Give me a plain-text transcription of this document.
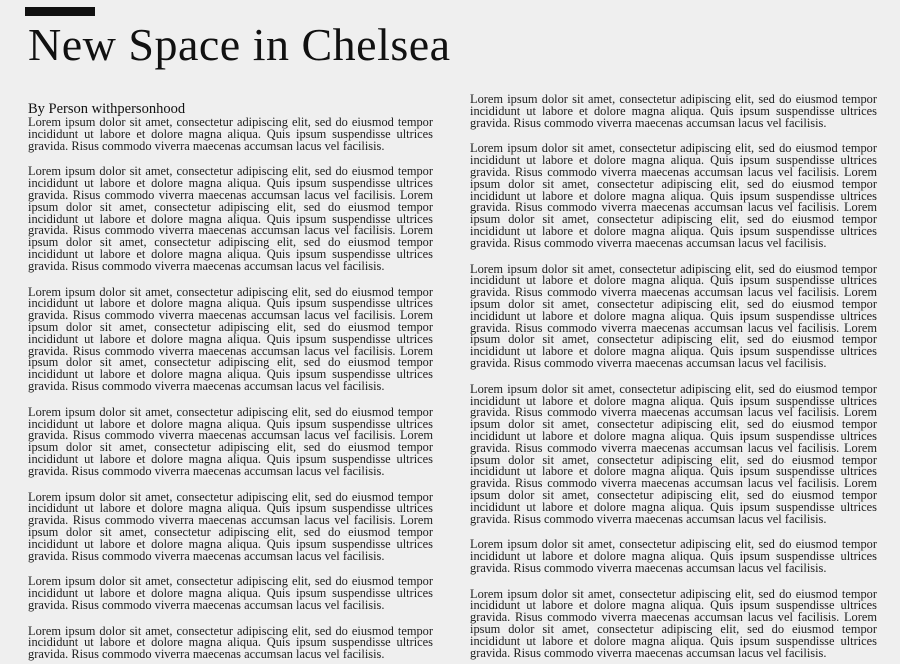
New Space in Chelsea

By Person withpersonhood

Lorem ipsum dolor sit amet, consectetur adipiscing elit, sed do eiusmod tempor incididunt ut labore et dolore magna aliqua. Quis ipsum suspendisse ultrices gravida. Risus commodo viverra maecenas accumsan lacus vel facilisis.

Lorem ipsum dolor sit amet, consectetur adipiscing elit, sed do eiusmod tempor incididunt ut labore et dolore magna aliqua. Quis ipsum suspendisse ultrices gravida. Risus commodo viverra maecenas accumsan lacus vel facilisis. Lorem ipsum dolor sit amet, consectetur adipiscing elit, sed do eiusmod tempor incididunt ut labore et dolore magna aliqua. Quis ipsum suspendisse ultrices gravida. Risus commodo viverra maecenas accumsan lacus vel facilisis. Lorem ipsum dolor sit amet, consectetur adipiscing elit, sed do eiusmod tempor incididunt ut labore et dolore magna aliqua. Quis ipsum suspendisse ultrices gravida. Risus commodo viverra maecenas accumsan lacus vel facilisis.

Lorem ipsum dolor sit amet, consectetur adipiscing elit, sed do eiusmod tempor incididunt ut labore et dolore magna aliqua. Quis ipsum suspendisse ultrices gravida. Risus commodo viverra maecenas accumsan lacus vel facilisis. Lorem ipsum dolor sit amet, consectetur adipiscing elit, sed do eiusmod tempor incididunt ut labore et dolore magna aliqua. Quis ipsum suspendisse ultrices gravida. Risus commodo viverra maecenas accumsan lacus vel facilisis. Lorem ipsum dolor sit amet, consectetur adipiscing elit, sed do eiusmod tempor incididunt ut labore et dolore magna aliqua. Quis ipsum suspendisse ultrices gravida. Risus commodo viverra maecenas accumsan lacus vel facilisis.

Lorem ipsum dolor sit amet, consectetur adipiscing elit, sed do eiusmod tempor incididunt ut labore et dolore magna aliqua. Quis ipsum suspendisse ultrices gravida. Risus commodo viverra maecenas accumsan lacus vel facilisis. Lorem ipsum dolor sit amet, consectetur adipiscing elit, sed do eiusmod tempor incididunt ut labore et dolore magna aliqua. Quis ipsum suspendisse ultrices gravida. Risus commodo viverra maecenas accumsan lacus vel facilisis.

Lorem ipsum dolor sit amet, consectetur adipiscing elit, sed do eiusmod tempor incididunt ut labore et dolore magna aliqua. Quis ipsum suspendisse ultrices gravida. Risus commodo viverra maecenas accumsan lacus vel facilisis. Lorem ipsum dolor sit amet, consectetur adipiscing elit, sed do eiusmod tempor incididunt ut labore et dolore magna aliqua. Quis ipsum suspendisse ultrices gravida. Risus commodo viverra maecenas accumsan lacus vel facilisis.

Lorem ipsum dolor sit amet, consectetur adipiscing elit, sed do eiusmod tempor incididunt ut labore et dolore magna aliqua. Quis ipsum suspendisse ultrices gravida. Risus commodo viverra maecenas accumsan lacus vel facilisis.

Lorem ipsum dolor sit amet, consectetur adipiscing elit, sed do eiusmod tempor incididunt ut labore et dolore magna aliqua. Quis ipsum suspendisse ultrices gravida. Risus commodo viverra maecenas accumsan lacus vel facilisis.

Lorem ipsum dolor sit amet, consectetur adipiscing elit, sed do eiusmod tempor incididunt ut labore et dolore magna aliqua. Quis ipsum suspendisse ultrices gravida. Risus commodo viverra maecenas accumsan lacus vel facilisis.

Lorem ipsum dolor sit amet, consectetur adipiscing elit, sed do eiusmod tempor incididunt ut labore et dolore magna aliqua. Quis ipsum suspendisse ultrices gravida. Risus commodo viverra maecenas accumsan lacus vel facilisis. Lorem ipsum dolor sit amet, consectetur adipiscing elit, sed do eiusmod tempor incididunt ut labore et dolore magna aliqua. Quis ipsum suspendisse ultrices gravida. Risus commodo viverra maecenas accumsan lacus vel facilisis. Lorem ipsum dolor sit amet, consectetur adipiscing elit, sed do eiusmod tempor incididunt ut labore et dolore magna aliqua. Quis ipsum suspendisse ultrices gravida. Risus commodo viverra maecenas accumsan lacus vel facilisis.

Lorem ipsum dolor sit amet, consectetur adipiscing elit, sed do eiusmod tempor incididunt ut labore et dolore magna aliqua. Quis ipsum suspendisse ultrices gravida. Risus commodo viverra maecenas accumsan lacus vel facilisis. Lorem ipsum dolor sit amet, consectetur adipiscing elit, sed do eiusmod tempor incididunt ut labore et dolore magna aliqua. Quis ipsum suspendisse ultrices gravida. Risus commodo viverra maecenas accumsan lacus vel facilisis. Lorem ipsum dolor sit amet, consectetur adipiscing elit, sed do eiusmod tempor incididunt ut labore et dolore magna aliqua. Quis ipsum suspendisse ultrices gravida. Risus commodo viverra maecenas accumsan lacus vel facilisis.

Lorem ipsum dolor sit amet, consectetur adipiscing elit, sed do eiusmod tempor incididunt ut labore et dolore magna aliqua. Quis ipsum suspendisse ultrices gravida. Risus commodo viverra maecenas accumsan lacus vel facilisis. Lorem ipsum dolor sit amet, consectetur adipiscing elit, sed do eiusmod tempor incididunt ut labore et dolore magna aliqua. Quis ipsum suspendisse ultrices gravida. Risus commodo viverra maecenas accumsan lacus vel facilisis. Lorem ipsum dolor sit amet, consectetur adipiscing elit, sed do eiusmod tempor incididunt ut labore et dolore magna aliqua. Quis ipsum suspendisse ultrices gravida. Risus commodo viverra maecenas accumsan lacus vel facilisis. Lorem ipsum dolor sit amet, consectetur adipiscing elit, sed do eiusmod tempor incididunt ut labore et dolore magna aliqua. Quis ipsum suspendisse ultrices gravida. Risus commodo viverra maecenas accumsan lacus vel facilisis.

Lorem ipsum dolor sit amet, consectetur adipiscing elit, sed do eiusmod tempor incididunt ut labore et dolore magna aliqua. Quis ipsum suspendisse ultrices gravida. Risus commodo viverra maecenas accumsan lacus vel facilisis.

Lorem ipsum dolor sit amet, consectetur adipiscing elit, sed do eiusmod tempor incididunt ut labore et dolore magna aliqua. Quis ipsum suspendisse ultrices gravida. Risus commodo viverra maecenas accumsan lacus vel facilisis. Lorem ipsum dolor sit amet, consectetur adipiscing elit, sed do eiusmod tempor incididunt ut labore et dolore magna aliqua. Quis ipsum suspendisse ultrices gravida. Risus commodo viverra maecenas accumsan lacus vel facilisis.
